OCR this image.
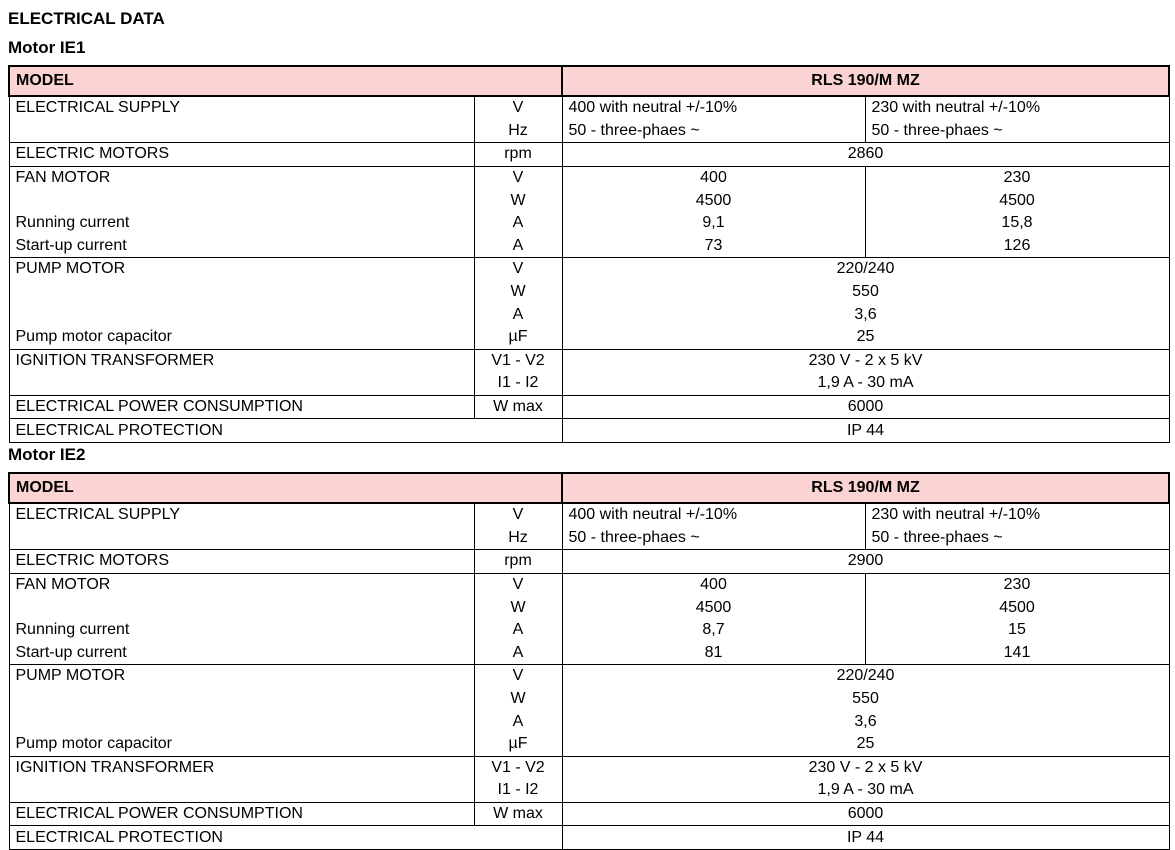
ELECTRICAL DATA
Motor IE1
MODEL		RLS 190/M MZ	
ELECTRICAL SUPPLY	V	400 with neutral +/-10%	230 with neutral +/-10%
	Hz	50 - three-phaes ~	50 - three-phaes ~
ELECTRIC MOTORS	rpm	2860	
FAN MOTOR	V	400	230
	W	4500	4500
Running current	A	9,1	15,8
Start-up current	A	73	126
PUMP MOTOR	V	220/240	
	W	550	
	A	3,6	
Pump motor capacitor	µF	25	
IGNITION TRANSFORMER	V1 - V2	230 V - 2 x 5 kV	
	I1 - I2	1,9 A - 30 mA	
ELECTRICAL POWER CONSUMPTION	W max	6000	
ELECTRICAL PROTECTION		IP 44	
Motor IE2
MODEL		RLS 190/M MZ	
ELECTRICAL SUPPLY	V	400 with neutral +/-10%	230 with neutral +/-10%
	Hz	50 - three-phaes ~	50 - three-phaes ~
ELECTRIC MOTORS	rpm	2900	
FAN MOTOR	V	400	230
	W	4500	4500
Running current	A	8,7	15
Start-up current	A	81	141
PUMP MOTOR	V	220/240	
	W	550	
	A	3,6	
Pump motor capacitor	µF	25	
IGNITION TRANSFORMER	V1 - V2	230 V - 2 x 5 kV	
	I1 - I2	1,9 A - 30 mA	
ELECTRICAL POWER CONSUMPTION	W max	6000	
ELECTRICAL PROTECTION		IP 44	
